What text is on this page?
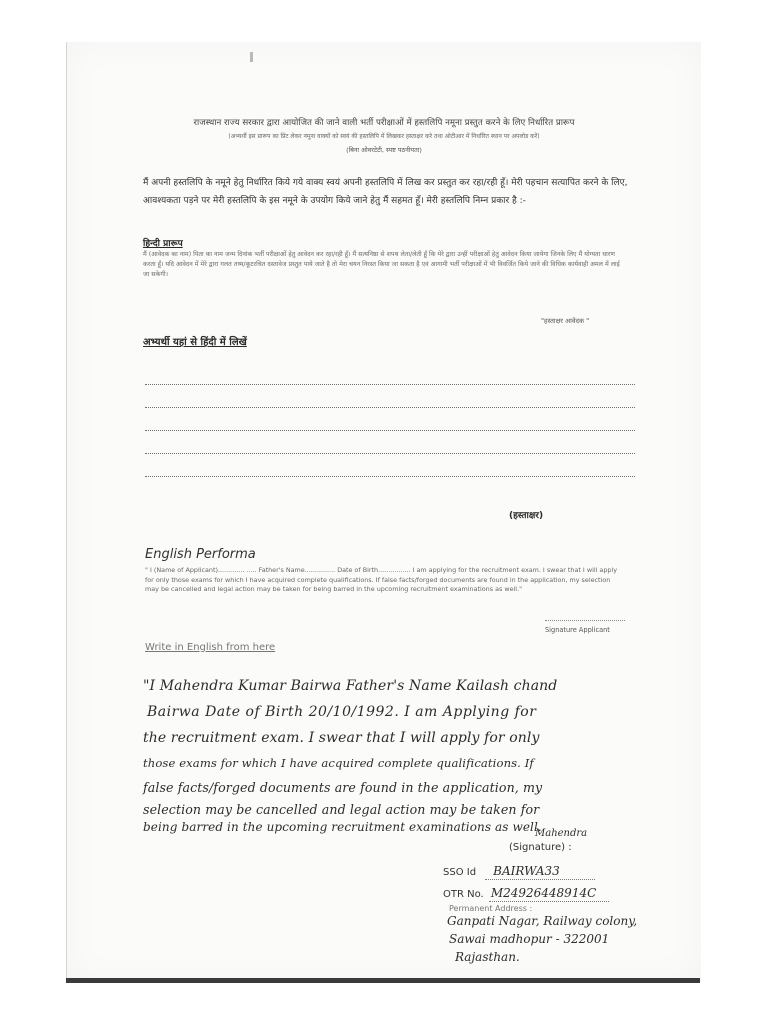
राजस्थान राज्य सरकार द्वारा आयोजित की जाने वाली भर्ती परीक्षाओं में हस्तलिपि नमूना प्रस्तुत करने के लिए निर्धारित प्रारूप
(अभ्यर्थी इस प्रारूप का प्रिंट लेकर नमूना वाक्यों को स्वयं की हस्तलिपि में लिखकर हस्ताक्षर करे तथा ओटीआर में निर्धारित स्थान पर अपलोड करें)
(बिना ओवरटेटी, स्पष्ट पठनीयता)
मैं अपनी हस्तलिपि के नमूने हेतु निर्धारित किये गये वाक्य स्वयं अपनी हस्तलिपि में लिख कर प्रस्तुत कर रहा/रही हूँ। मेरी पहचान सत्यापित करने के लिए, आवश्यकता पड़ने पर मेरी हस्तलिपि के इस नमूने के उपयोग किये जाने हेतु मैं सहमत हूँ। मेरी हस्तलिपि निम्न प्रकार है :-
हिन्दी प्रारूप
मैं (आवेदक का नाम) पिता का नाम जन्म दिनांक भर्ती परीक्षाओं हेतु आवेदन कर रहा/रही हूँ। मैं सत्यनिष्ठा से शपथ लेता/लेती हूँ कि मेरे द्वारा उन्हीं परीक्षाओं हेतु आवेदन किया जायेगा जिनके लिए मैं योग्यता धारण करता हूँ। यदि आवेदन में मेरे द्वारा गलत तथ्य/कूटरचित दस्तावेज प्रस्तुत पाये जाते है तो मेरा चयन निरस्त किया जा सकता है एवं आगामी भर्ती परीक्षाओं में भी विवर्जित किये जाने की विधिक कार्यवाही अमल में लाई जा सकेगी।
"हस्ताक्षर आवेदक "
अभ्यर्थी यहां से हिंदी में लिखें
(हस्ताक्षर)
English Performa
" I (Name of Applicant)............. ..... Father's Name............... Date of Birth................ I am applying for the recruitment exam. I swear that I will apply for only those exams for which I have acquired complete qualifications. If false facts/forged documents are found in the application, my selection may be cancelled and legal action may be taken for being barred in the upcoming recruitment examinations as well."
Signature Applicant
Write in English from here
"I Mahendra Kumar Bairwa Father's Name Kailash chand
Bairwa Date of Birth 20/10/1992. I am Applying for
the recruitment exam. I swear that I will apply for only
those exams for which I have acquired complete qualifications. If
false facts/forged documents are found in the application, my
selection may be cancelled and legal action may be taken for
being barred in the upcoming recruitment examinations as well.
Mahendra
(Signature) :
SSO Id BAIRWA33
OTR No. M24926448914C
Permanent Address :
Ganpati Nagar, Railway colony,
Sawai madhopur - 322001
Rajasthan.
